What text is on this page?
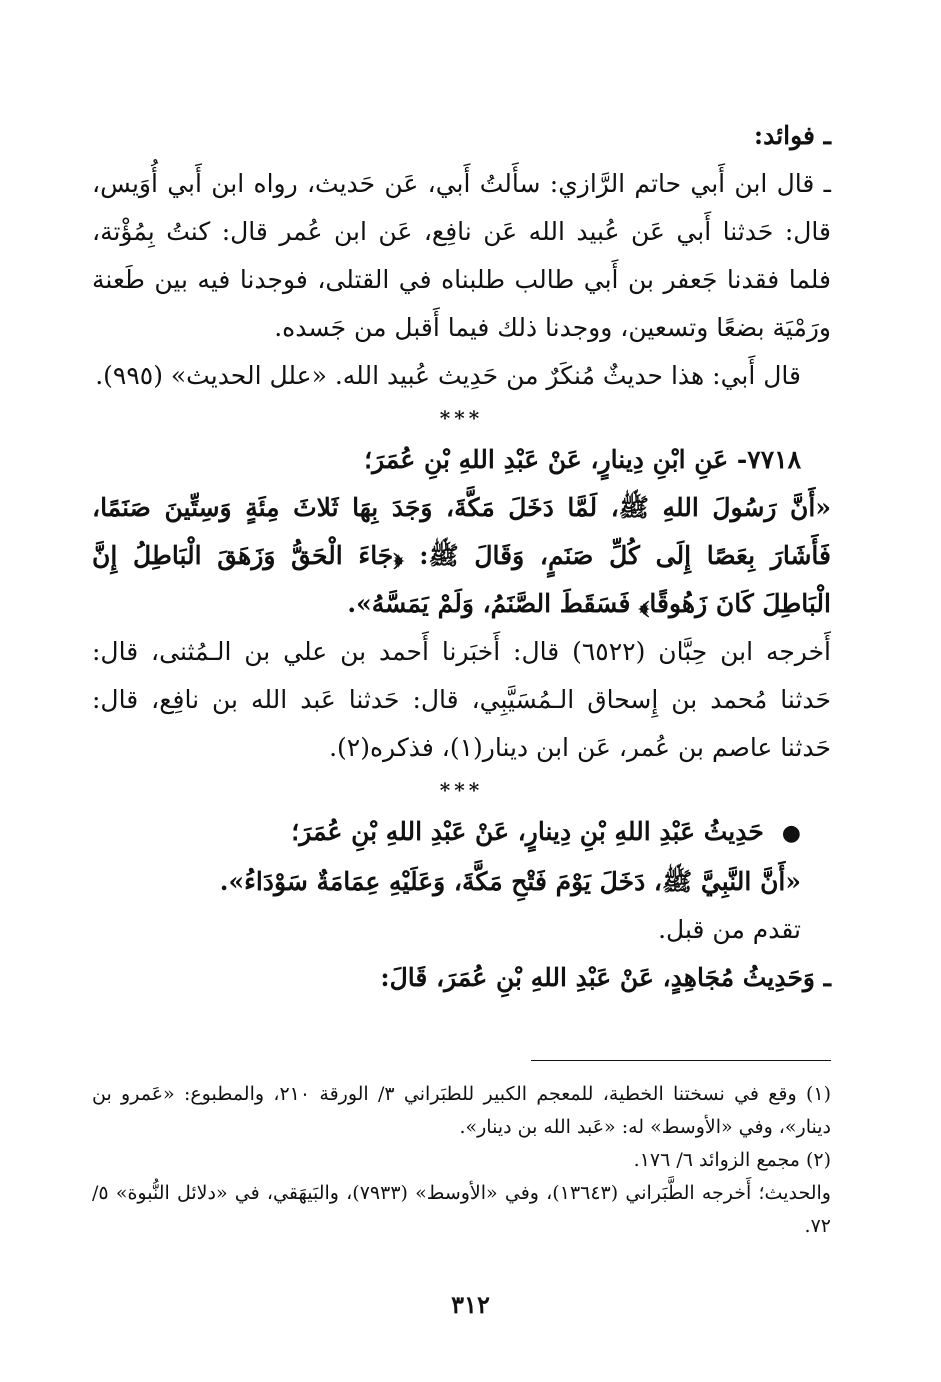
ـ فوائد:

ـ قال ابن أَبي حاتم الرَّازي: سأَلتُ أَبي، عَن حَديث، رواه ابن أَبي أُوَيس، قال: حَدثنا أَبي عَن عُبيد الله عَن نافِع، عَن ابن عُمر قال: كنتُ بِمُؤْتة، فلما فقدنا جَعفر بن أَبي طالب طلبناه في القتلى، فوجدنا فيه بين طَعنة ورَمْيَة بضعًا وتسعين، ووجدنا ذلك فيما أَقبل من جَسده.

قال أَبي: هذا حديثٌ مُنكَرٌ من حَدِيث عُبيد الله. «علل الحديث» (٩٩٥).

***

٧٧١٨- عَنِ ابْنِ دِينارٍ، عَنْ عَبْدِ اللهِ بْنِ عُمَرَ؛

«أَنَّ رَسُولَ اللهِ ﷺ، لَمَّا دَخَلَ مَكَّةَ، وَجَدَ بِهَا ثَلاثَ مِئَةٍ وَسِتِّينَ صَنَمًا، فَأَشَارَ بِعَصًا إِلَى كُلِّ صَنَمٍ، وَقَالَ ﷺ: ﴿جَاءَ الْحَقُّ وَزَهَقَ الْبَاطِلُ إِنَّ الْبَاطِلَ كَانَ زَهُوقًا﴾ فَسَقَطَ الصَّنَمُ، وَلَمْ يَمَسَّهُ».

أَخرجه ابن حِبَّان (٦٥٢٢) قال: أَخبَرنا أَحمد بن علي بن الـمُثنى، قال: حَدثنا مُحمد بن إِسحاق الـمُسَيَّبِي، قال: حَدثنا عَبد الله بن نافِع، قال: حَدثنا عاصم بن عُمر، عَن ابن دينار(١)، فذكره(٢).

***

●
حَدِيثُ عَبْدِ اللهِ بْنِ دِينارٍ، عَنْ عَبْدِ اللهِ بْنِ عُمَرَ؛

«أَنَّ النَّبِيَّ ﷺ، دَخَلَ يَوْمَ فَتْحِ مَكَّةَ، وَعَلَيْهِ عِمَامَةٌ سَوْدَاءُ».

تقدم من قبل.

ـ وَحَدِيثُ مُجَاهِدٍ، عَنْ عَبْدِ اللهِ بْنِ عُمَرَ، قَالَ:

(١) وقع في نسختنا الخطية، للمعجم الكبير للطبَراني ٣/ الورقة ٢١٠، والمطبوع: «عَمرو بن دينار»، وفي «الأوسط» له: «عَبد الله بن دينار».

(٢) مجمع الزوائد ٦/ ١٧٦.

والحديث؛ أَخرجه الطَّبَراني (١٣٦٤٣)، وفي «الأوسط» (٧٩٣٣)، والبَيهَقي، في «دلائل النُّبوة» ٥/ ٧٢.

٣١٢
